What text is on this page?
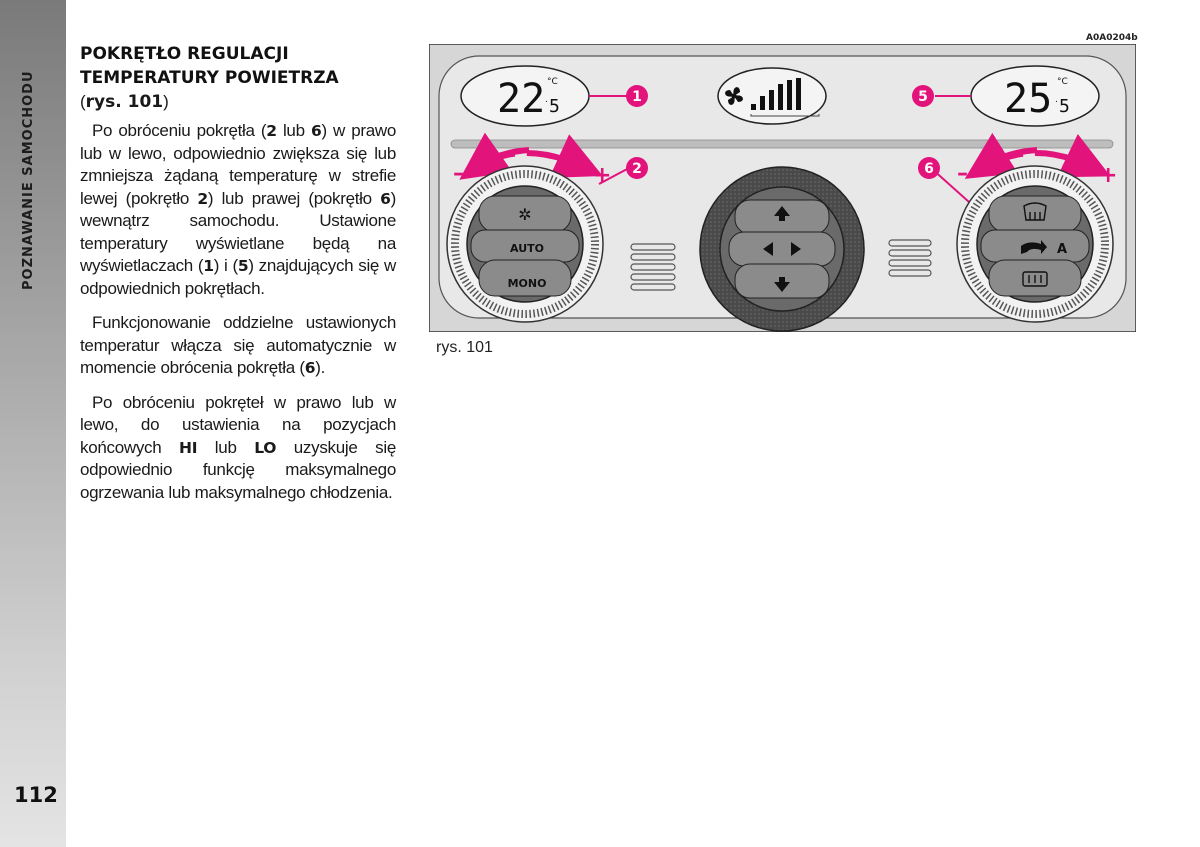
POZNAWANIE SAMOCHODU
112

POKRĘTŁO REGULACJI
TEMPERATURY POWIETRZA

(rys. 101)

Po obróceniu pokrętła (2 lub 6) w prawo lub w lewo, odpowiednio zwiększa się lub zmniejsza żądaną temperaturę w strefie lewej (pokrętło 2) lub prawej (pokrętło 6) wewnątrz samochodu. Ustawione temperatury wyświetlane będą na wyświetlaczach (1) i (5) znajdujących się w odpowiednich pokrętłach.

Funkcjonowanie oddzielne ustawionych temperatur włącza się automatycznie w momencie obrócenia pokrętła (6).

Po obróceniu pokręteł w prawo lub w lewo, do ustawienia na pozycjach końcowych HI lub LO uzyskuje się odpowiednio funkcję maksymalnego ogrzewania lub maksymalnego chłodzenia.

A0A0204b
22 5
.
°C	25 5
.
°C
1	5
2	6
–	+
✲
AUTO
MONO
–	+
A
rys. 101
